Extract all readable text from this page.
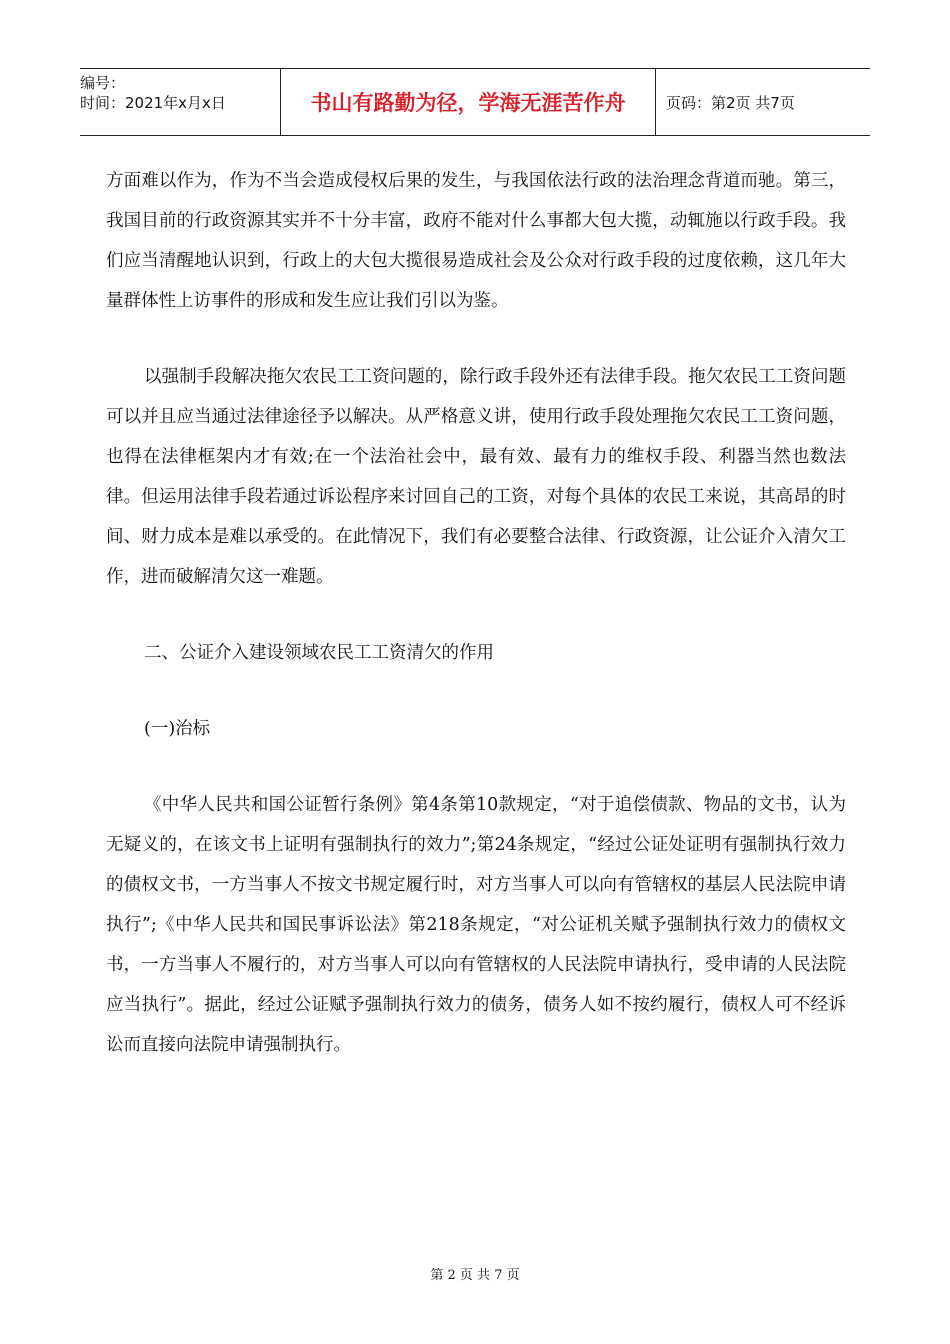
编号：
时间：2021年x月x日	书山有路勤为径，学海无涯苦作舟	页码：第2页 共7页

方面难以作为，作为不当会造成侵权后果的发生，与我国依法行政的法治理念背道而驰。第三，我国目前的行政资源其实并不十分丰富，政府不能对什么事都大包大揽，动辄施以行政手段。我们应当清醒地认识到，行政上的大包大揽很易造成社会及公众对行政手段的过度依赖，这几年大量群体性上访事件的形成和发生应让我们引以为鉴。

以强制手段解决拖欠农民工工资问题的，除行政手段外还有法律手段。拖欠农民工工资问题可以并且应当通过法律途径予以解决。从严格意义讲，使用行政手段处理拖欠农民工工资问题，也得在法律框架内才有效;在一个法治社会中，最有效、最有力的维权手段、利器当然也数法律。但运用法律手段若通过诉讼程序来讨回自己的工资，对每个具体的农民工来说，其高昂的时间、财力成本是难以承受的。在此情况下，我们有必要整合法律、行政资源，让公证介入清欠工作，进而破解清欠这一难题。

二、公证介入建设领域农民工工资清欠的作用

(一)治标

《中华人民共和国公证暂行条例》第4条第10款规定，“对于追偿债款、物品的文书，认为无疑义的，在该文书上证明有强制执行的效力”;第24条规定，“经过公证处证明有强制执行效力的债权文书，一方当事人不按文书规定履行时，对方当事人可以向有管辖权的基层人民法院申请执行”;《中华人民共和国民事诉讼法》第218条规定，“对公证机关赋予强制执行效力的债权文书，一方当事人不履行的，对方当事人可以向有管辖权的人民法院申请执行，受申请的人民法院应当执行”。据此，经过公证赋予强制执行效力的债务，债务人如不按约履行，债权人可不经诉讼而直接向法院申请强制执行。

第 2 页 共 7 页
